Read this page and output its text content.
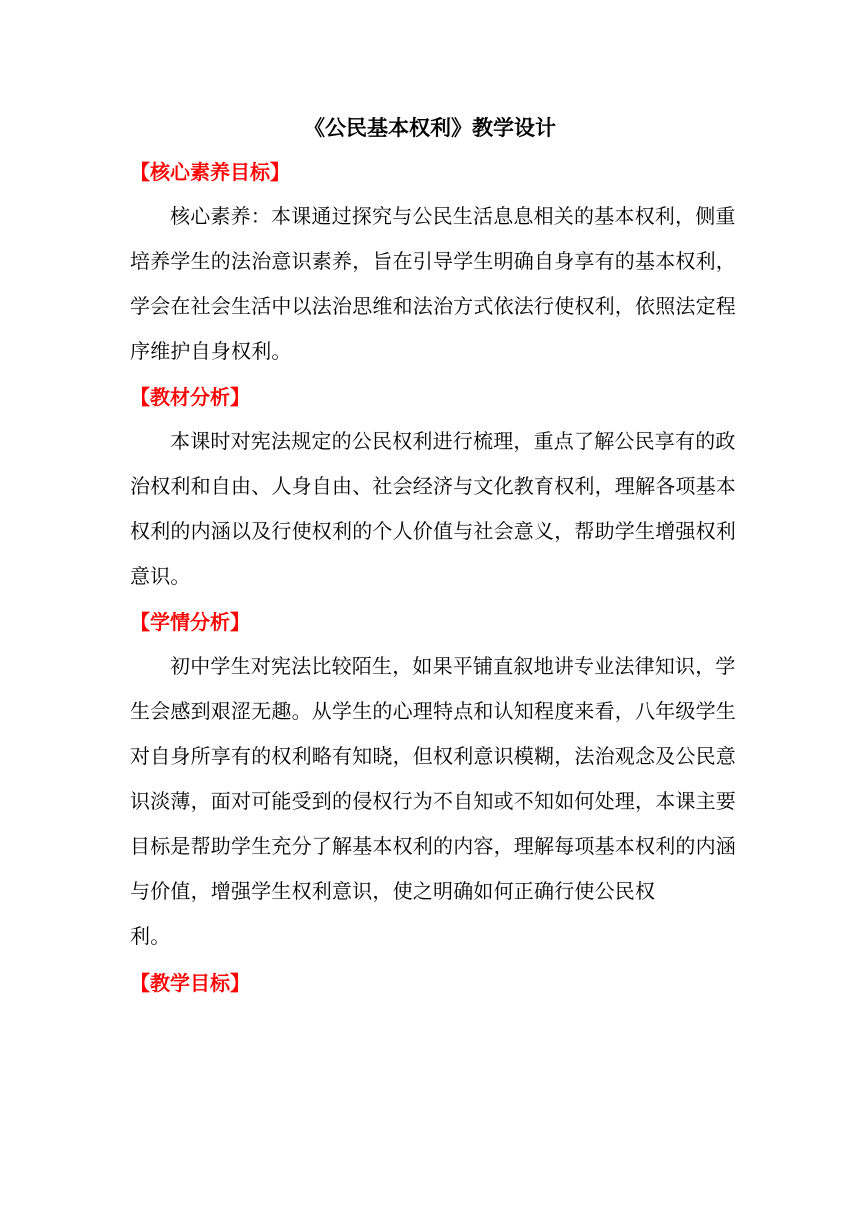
《公民基本权利》教学设计
【核心素养目标】
核心素养：本课通过探究与公民生活息息相关的基本权利，侧重
培养学生的法治意识素养，旨在引导学生明确自身享有的基本权利，
学会在社会生活中以法治思维和法治方式依法行使权利，依照法定程
序维护自身权利。
【教材分析】
本课时对宪法规定的公民权利进行梳理，重点了解公民享有的政
治权利和自由、人身自由、社会经济与文化教育权利，理解各项基本
权利的内涵以及行使权利的个人价值与社会意义，帮助学生增强权利
意识。
【学情分析】
初中学生对宪法比较陌生，如果平铺直叙地讲专业法律知识，学
生会感到艰涩无趣。从学生的心理特点和认知程度来看，八年级学生
对自身所享有的权利略有知晓，但权利意识模糊，法治观念及公民意
识淡薄，面对可能受到的侵权行为不自知或不知如何处理，本课主要
目标是帮助学生充分了解基本权利的内容，理解每项基本权利的内涵
与价值，增强学生权利意识，使之明确如何正确行使公民权
利。
【教学目标】
